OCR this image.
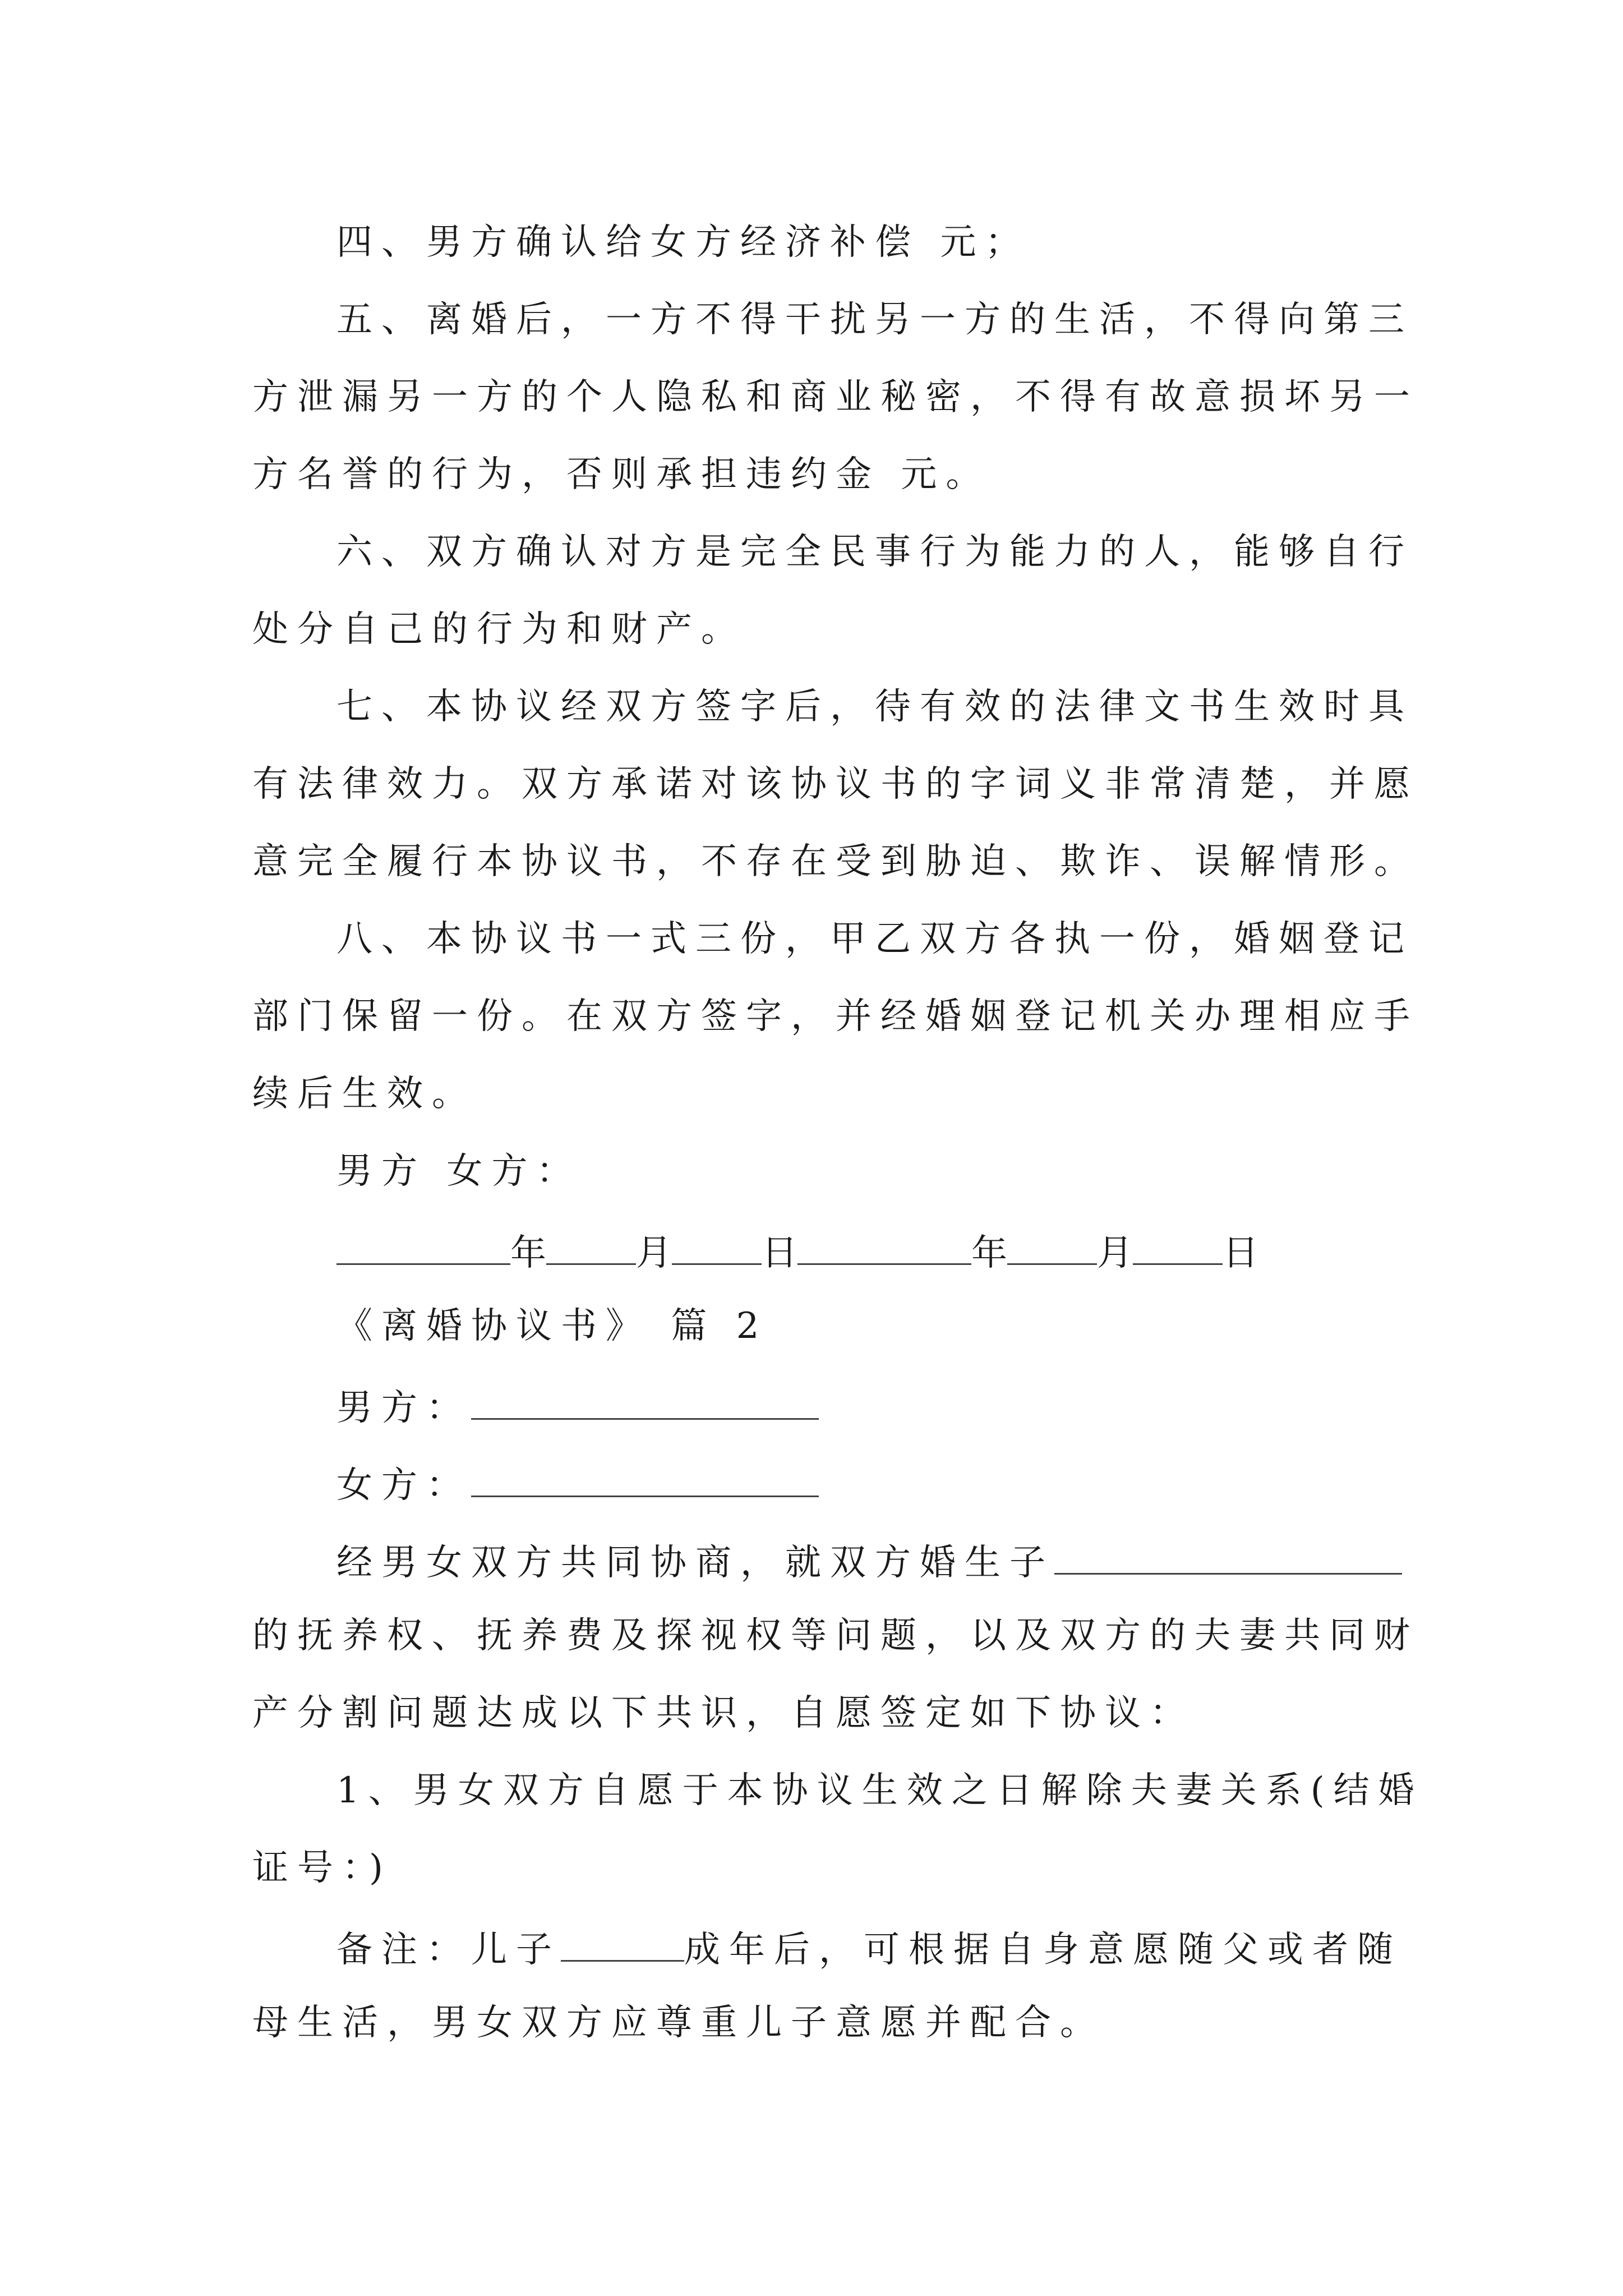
四、男方确认给女方经济补偿 元；
五、离婚后，一方不得干扰另一方的生活，不得向第三
方泄漏另一方的个人隐私和商业秘密，不得有故意损坏另一
方名誉的行为，否则承担违约金 元。
六、双方确认对方是完全民事行为能力的人，能够自行
处分自己的行为和财产。
七、本协议经双方签字后，待有效的法律文书生效时具
有法律效力。双方承诺对该协议书的字词义非常清楚，并愿
意完全履行本协议书，不存在受到胁迫、欺诈、误解情形。
八、本协议书一式三份，甲乙双方各执一份，婚姻登记
部门保留一份。在双方签字，并经婚姻登记机关办理相应手
续后生效。
男方 女方：
年	月	日	年	月	日
《离婚协议书》 篇 2
男方：
女方：
经男女双方共同协商，就双方婚生子
的抚养权、抚养费及探视权等问题，以及双方的夫妻共同财
产分割问题达成以下共识，自愿签定如下协议：
1、男女双方自愿于本协议生效之日解除夫妻关系(结婚
证号：)
备注：儿子	成年后，可根据自身意愿随父或者随
母生活，男女双方应尊重儿子意愿并配合。
